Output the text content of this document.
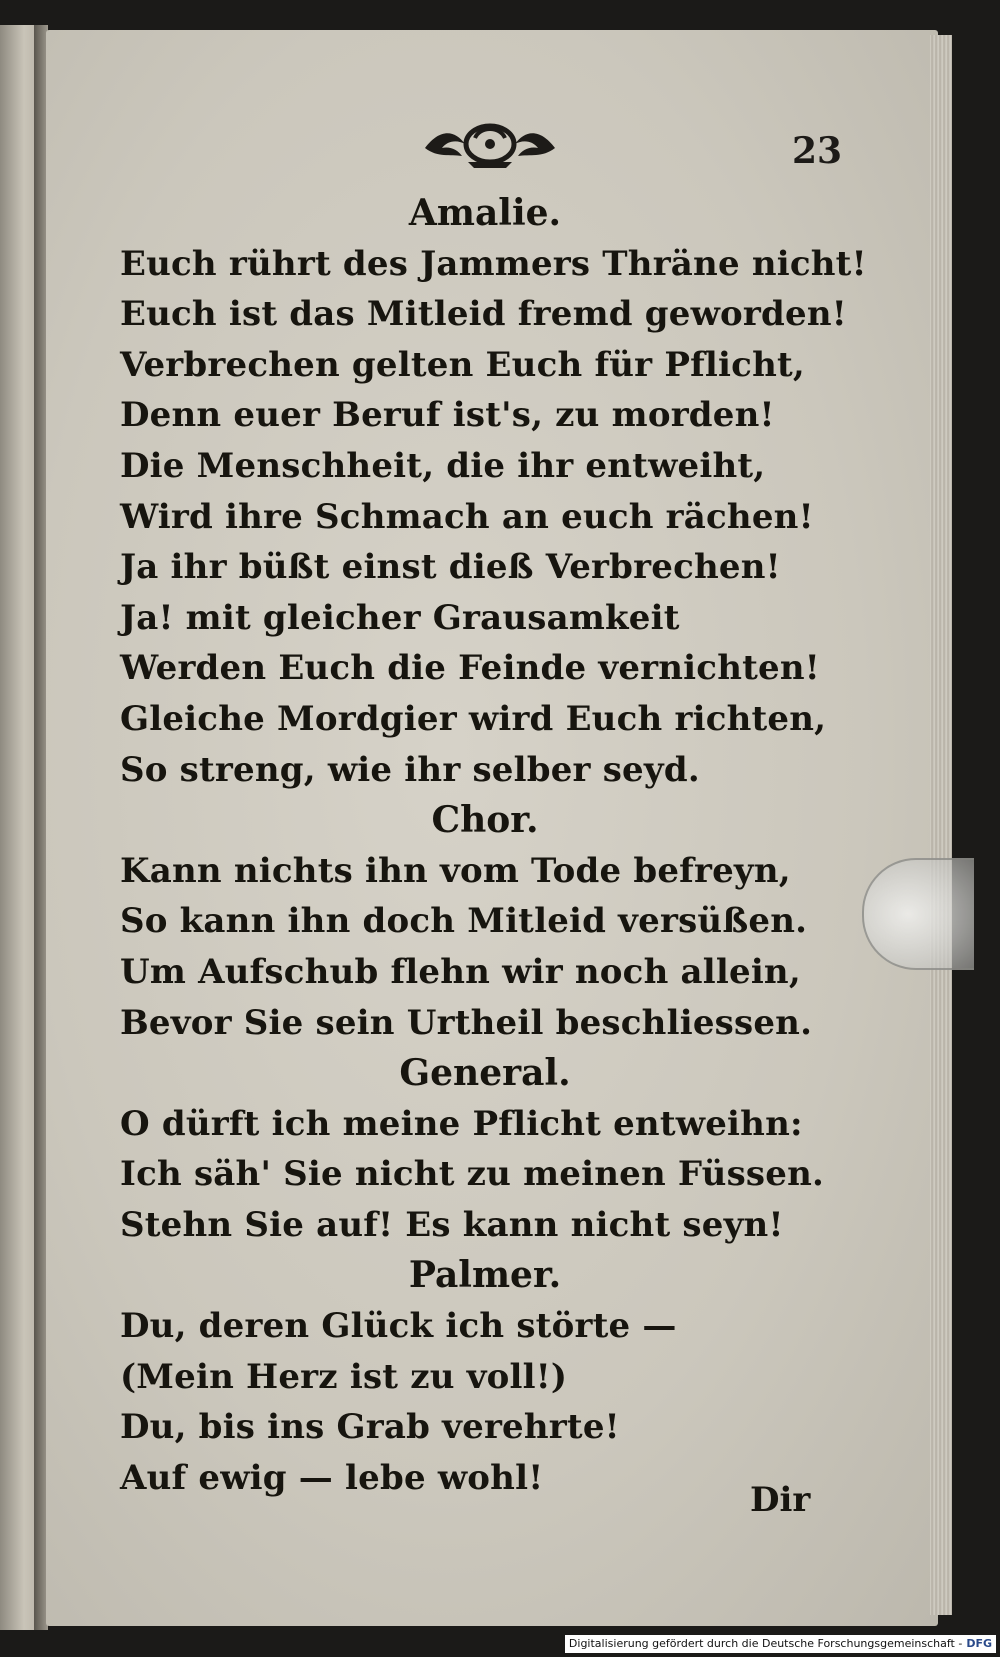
23
Amalie.
Euch rührt des Jammers Thräne nicht!
Euch ist das Mitleid fremd geworden!
Verbrechen gelten Euch für Pflicht,
Denn euer Beruf ist's, zu morden!
Die Menschheit, die ihr entweiht,
Wird ihre Schmach an euch rächen!
Ja ihr büßt einst dieß Verbrechen!
Ja! mit gleicher Grausamkeit
Werden Euch die Feinde vernichten!
Gleiche Mordgier wird Euch richten,
So streng, wie ihr selber seyd.
Chor.
Kann nichts ihn vom Tode befreyn,
So kann ihn doch Mitleid versüßen.
Um Aufschub flehn wir noch allein,
Bevor Sie sein Urtheil beschliessen.
General.
O dürft ich meine Pflicht entweihn:
Ich säh' Sie nicht zu meinen Füssen.
Stehn Sie auf! Es kann nicht seyn!
Palmer.
Du, deren Glück ich störte —
(Mein Herz ist zu voll!)
Du, bis ins Grab verehrte!
Auf ewig — lebe wohl!
Dir
Digitalisierung gefördert durch die Deutsche Forschungsgemeinschaft - DFG
